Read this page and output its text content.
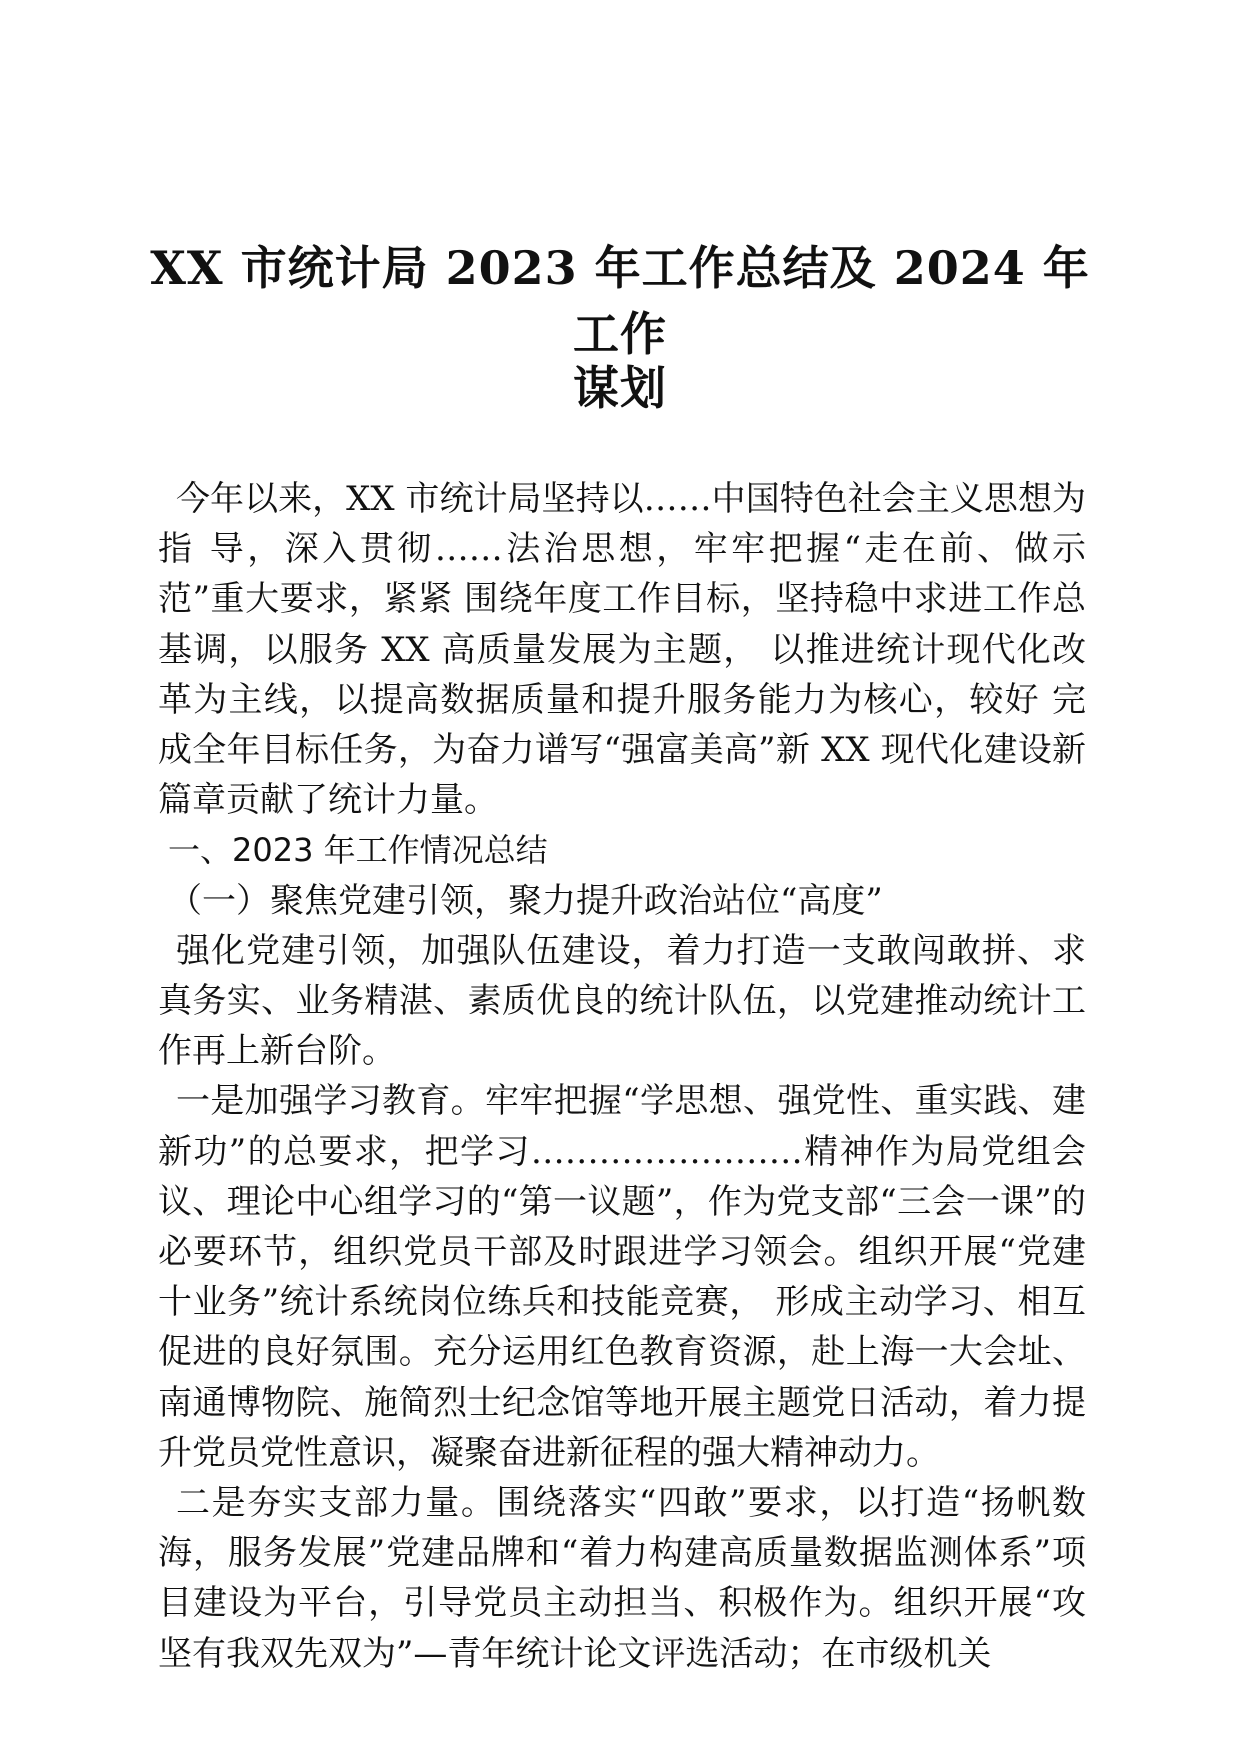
XX 市统计局 2023 年工作总结及 2024 年工作
谋划

今年以来，XX 市统计局坚持以……中国特色社会主义思想为指 导，深入贯彻……法治思想，牢牢把握“走在前、做示范”重大要求，紧紧 围绕年度工作目标，坚持稳中求进工作总基调，以服务 XX 高质量发展为主题， 以推进统计现代化改革为主线，以提高数据质量和提升服务能力为核心，较好 完成全年目标任务，为奋力谱写“强富美高”新 XX 现代化建设新篇章贡献了统计力量。

一、2023 年工作情况总结

（一）聚焦党建引领，聚力提升政治站位“高度”

强化党建引领，加强队伍建设，着力打造一支敢闯敢拼、求真务实、业务精湛、素质优良的统计队伍，以党建推动统计工作再上新台阶。

一是加强学习教育。牢牢把握“学思想、强党性、重实践、建新功”的总要求，把学习……………………精神作为局党组会议、理论中心组学习的“第一议题”，作为党支部“三会一课”的必要环节，组织党员干部及时跟进学习领会。组织开展“党建十业务”统计系统岗位练兵和技能竞赛， 形成主动学习、相互促进的良好氛围。充分运用红色教育资源，赴上海一大会址、南通博物院、施简烈士纪念馆等地开展主题党日活动，着力提升党员党性意识，凝聚奋进新征程的强大精神动力。

二是夯实支部力量。围绕落实“四敢”要求，以打造“扬帆数海，服务发展”党建品牌和“着力构建高质量数据监测体系”项目建设为平台，引导党员主动担当、积极作为。组织开展“攻坚有我双先双为”—青年统计论文评选活动；在市级机关
